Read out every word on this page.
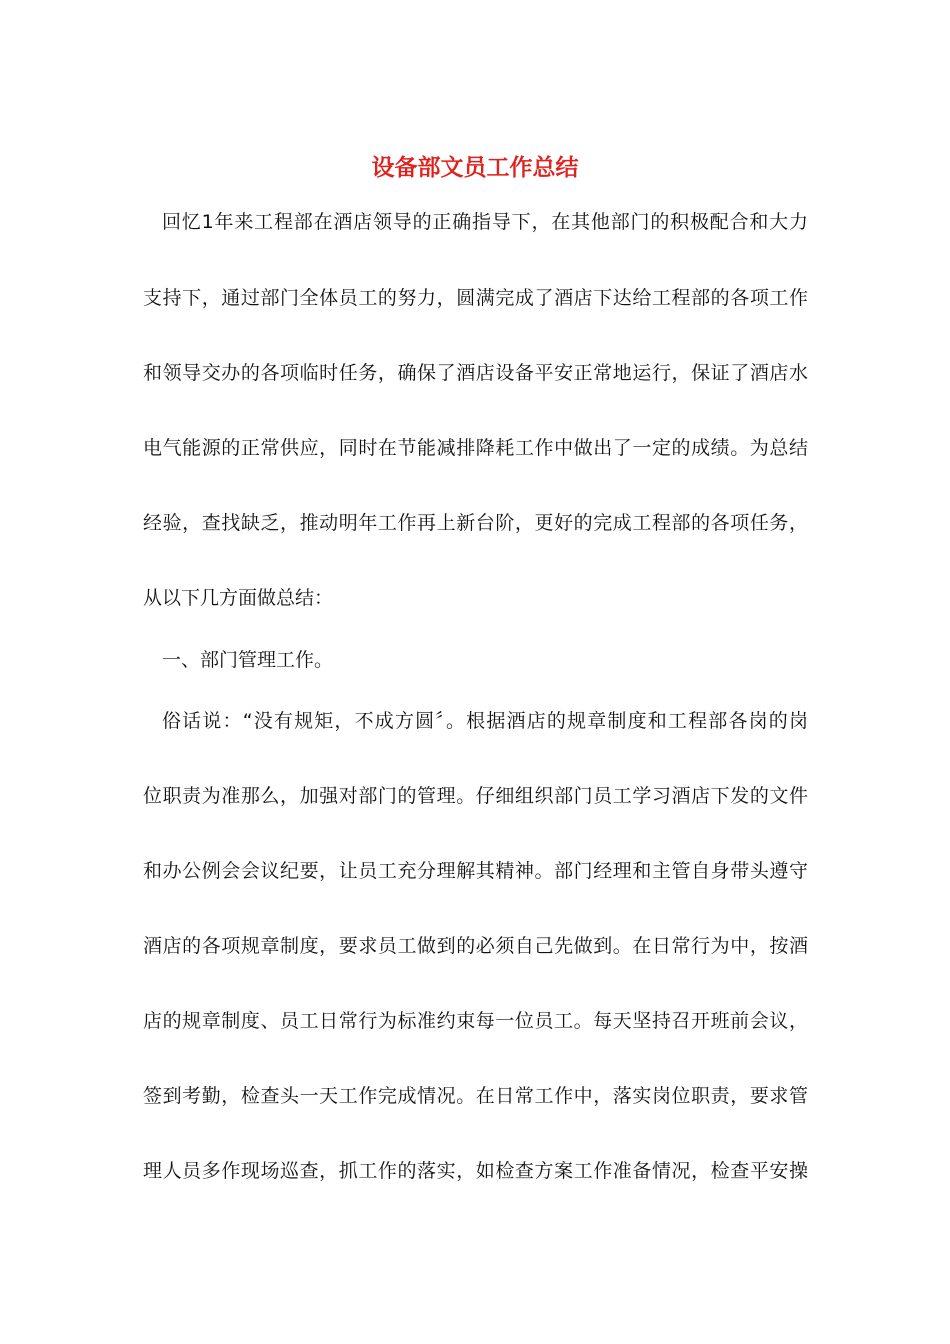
设备部文员工作总结
回忆1年来工程部在酒店领导的正确指导下，在其他部门的积极配合和大力
支持下，通过部门全体员工的努力，圆满完成了酒店下达给工程部的各项工作
和领导交办的各项临时任务，确保了酒店设备平安正常地运行，保证了酒店水
电气能源的正常供应，同时在节能减排降耗工作中做出了一定的成绩。为总结
经验，查找缺乏，推动明年工作再上新台阶，更好的完成工程部的各项任务，
从以下几方面做总结：
一、部门管理工作。
俗话说：“没有规矩，不成方圆〞。根据酒店的规章制度和工程部各岗的岗
位职责为准那么，加强对部门的管理。仔细组织部门员工学习酒店下发的文件
和办公例会会议纪要，让员工充分理解其精神。部门经理和主管自身带头遵守
酒店的各项规章制度，要求员工做到的必须自己先做到。在日常行为中，按酒
店的规章制度、员工日常行为标准约束每一位员工。每天坚持召开班前会议，
签到考勤，检查头一天工作完成情况。在日常工作中，落实岗位职责，要求管
理人员多作现场巡查，抓工作的落实，如检查方案工作准备情况，检查平安操
